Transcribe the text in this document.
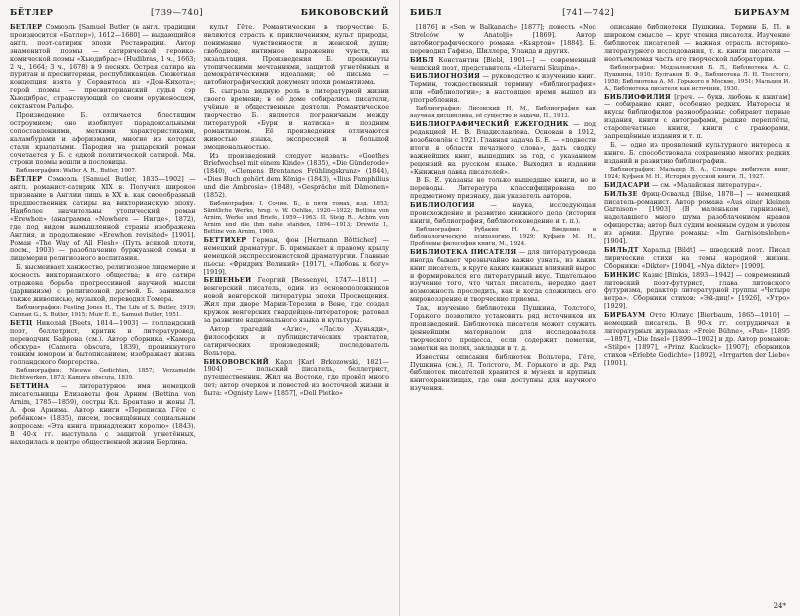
БЁТЛЕР	[739—740]	БИКОВОВСКИЙ

БЁТЛЕР Сэмюэль [Samuel Butler (в англ. традиции произносится «Батлер»), 1612—1680] — выдающийся англ. поэт-сатирик эпохи Реставрации. Автор знаменитой поэмы — сатирической героико-комической поэмы «Хьюдибрас» (Hudibras, 1 ч., 1663; 2 ч., 1664; 3 ч., 1678) в 9 песнях. Острая сатира на пуритан и пресвитериан, республиканцев. Сюжетная концепция взята у Сервантеса из «Дон-Кихота»; герой поэмы — пресвитерианский судья сэр Хьюдибрас, странствующий со своим оруженосцем, сектантом Ральфо.

Произведение Б. отличается блестящим остроумием; оно изобилует парадоксальными сопоставлениями, меткими характеристиками, каламбурами и афоризмами, многие из которых стали крылатыми. Пародия на рыцарский роман сочетается у Б. с едкой политической сатирой. Мн. строки поэмы вошли в пословицы.

Библиография: Waller A. R., Butler, 1907.

БЁТЛЕР Сэмюэль [Samuel Butler, 1835—1902] — англ. романист-сатирик XIX в. Получил широкое признание в Англии лишь в XX в. как своеобразный предшественник сатиры на викторианскую эпоху. Наиболее значительны утопический роман «Erewhon» (анаграмма «Nowhere — Нигде», 1872), где под видом вымышленной страны изображена Англия, и продолжение «Erewhon revisited» [1901]. Роман «The Way of All Flesh» (Путь всякой плоти, посм., 1903) — разоблачение буржуазной семьи и лицемерия религиозного воспитания.

Б. высмеивает ханжество, религиозное лицемерие и косность викторианского общества; в его сатире отражена борьба прогрессивной научной мысли (дарвинизм) с религиозной догмой. Б. занимался также живописью, музыкой, переводил Гомера.

Библиография: Festing Jones H., The Life of S. Butler, 1919; Cannan G., S. Butler, 1915; Muir E. E., Samuel Butler, 1951.

БЕТЦ Николай [Beets, 1814—1903] — голландский поэт, беллетрист, критик и литературовед, переводчик Байрона (см.). Автор сборника «Камера обскура» (Camera obscura, 1839), проникнутого тонким юмором и бытописанием; изображает жизнь голландского бюргерства.

Библиография: Nieuwe Gedichten, 1857; Verzamelde Dichtwerken, 1873; Kamera obscura, 1839.

БЕТТИНА — литературное имя немецкой писательницы Елизаветы фон Арним (Bettina von Arnim, 1785—1859), сестры Кл. Брентано и жены Л. А. фон Арнима. Автор книги «Переписка Гёте с ребёнком» (1835), писем, посвящённых социальным вопросам: «Эта книга принадлежит королю» (1843). В 40-х гг. выступала с защитой угнетённых, находилась в центре общественной жизни Берлина.

культ Гёте. Романтические в творчестве Б. являются страсть к приключениям, культ природы, понимание чувственности и женской души; свободное, интимное выражение чувств, их экзальтация. Произведения Б. проникнуты утопическими мечтаниями, защитой угнетённых и демократическими идеалами; её письма — автобиографический документ эпохи романтизма.

Б. сыграла видную роль в литературной жизни своего времени; в её доме собирались писатели, учёные и общественные деятели. Романтическое творчество Б. является пограничным между литературой «Бури и натиска» и поздним романтизмом. Её произведения отличаются живостью языка, экспрессией и большой эмоциональностью.

Из произведений следует назвать: «Goethes Briefwechsel mit einem Kinde» (1835), «Die Günderode» (1840), «Clemens Brentanos Frühlingskranz» (1844), «Dies Buch gehört dem König» (1843), «Ilius Pamphilius und die Ambrosia» (1848), «Gespräche mit Dämonen» (1852).

Библиография: I. Сочин. Б., в пяти томах, изд. 1853; Sämtliche Werke, hrsg. v. W. Oehlke, 1920—1922; Bettina von Arnim, Werke und Briefe, 1959—1963. II. Steig R., Achim von Arnim und die ihm nahe standen, 1894—1913; Drewitz I., Bettine von Arnim, 1969.

БЕТТИХЕР Герман, фон [Hermann Bötticher] — немецкий драматург. Б. примыкает к правому крылу немецкой экспрессионистской драматургии. Главные пьесы: «Фридрих Великий» [1917], «Любовь к богу» [1919].

БЕШЕНЬЕИ Георгий [Bessenyei, 1747—1811] — венгерский писатель, один из основоположников новой венгерской литературы эпохи Просвещения. Жил при дворе Марии-Терезии в Вене, где создал кружок венгерских гвардейцев-литераторов; ратовал за развитие национального языка и культуры.

Автор трагедий «Агис», «Ласло Хуньяди», философских и публицистических трактатов, сатирических произведений; последователь Вольтера.

БИКОВОВСКИЙ Карл [Karl Brkozowski, 1821—1904] — польский писатель, беллетрист, путешественник. Жил на Востоке, где провёл много лет; автор очерков и повестей из восточной жизни и быта: «Ognisty Lew» [1857], «Dell Pietko»

БИБЛ	[741—742]	БИРБАУМ

[1876] и «Sen w Balkanach» [1877]; повесть «Noc Strelców w Anatolji» [1869]. Автор автобиографического романа «Кьяртон» [1884]. Б. переводил Гафиза, Шиллера, Уланда и других.

БИБЛ Константин [Biebl, 1901—] — современный чешский поэт, представитель «Literarni Skupina».

БИБЛИОГНОЗИЯ — руководство к изучению книг. Термин, тождественный термину «библиография» или «библиологии»; в настоящее время вышел из употребления.

Библиография: Лисовский Н. М., Библиография как научная дисциплина, её существо и задачи, П., 1913.

БИБЛИОГРАФИЧЕСКИЙ ЕЖЕГОДНИК — под редакцией И. В. Владиславлева. Основан в 1912, возобновлён с 1921. Главная задача Б. Е. — «подвести итоги в области печатного слова», дать сводку важнейших книг, вышедших за год, с указанием рецензий на русском языке. Выходил в издании «Книжная лавка писателей».

В Б. Е. указаны не только вышедшие книги, но и переводы. Литература классифицирована по предметному признаку, дан указатель авторов.

БИБЛИОЛОГИЯ — наука, исследующая происхождение и развитие книжного дела (история книги, библиография, библиотековедение и т. п.).

Библиография: Рубакин Н. А., Введение в библиологическую психологию, 1929; Куфаев М. Н., Проблемы философии книги, М., 1924.

БИБЛИОТЕКА ПИСАТЕЛЯ — для литературоведа иногда бывает чрезвычайно важно узнать, из каких книг писатель, в круге каких книжных влияний вырос и формировался его литературный вкус. Тщательное изучение того, что читал писатель, нередко дает возможность проследить, как и когда сложились его мировоззрение и творческие приемы.

Так, изучение библиотеки Пушкина, Толстого, Горького позволило установить ряд источников их произведений. Библиотека писателя может служить ценнейшим материалом для исследователя творческого процесса, если содержит пометки, заметки на полях, закладки и т. д.

Известны описания библиотек Вольтера, Гёте, Пушкина (см.), Л. Толстого, М. Горького и др. Ряд библиотек писателей хранится в музеях и крупных книгохранилищах, где они доступны для научного изучения.

описание библиотеки Пушкина. Термин Б. П. в широком смысле — круг чтения писателя. Изучение библиотек писателей — важная отрасль историко-литературного исследования, т. к. книги писателя — неотъемлемая часть его творческой лаборатории.

Библиография: Модзалевский Б. Л., Библиотека А. С. Пушкина, 1910; Булгаков В. Ф., Библиотека Л. Н. Толстого, 1958; Библиотека А. М. Горького в Москве, 1951; Мальцев И. А., Библиотека писателя как источник, 1930.

БИБЛИОФИЛИЯ [греч. — букв. любовь к книгам] — собирание книг, особенно редких. Интересы и вкусы библиофилов разнообразны: собирают первые издания, книги с автографами, редкие переплёты, старопечатные книги, книги с гравюрами, запрещённые издания и т. п.

Б. — одно из проявлений культурного интереса к книге. Б. способствовала сохранению многих редких изданий и развитию библиографии.

Библиография: Мальцер В. А., Словарь любителя книг, 1924; Куфаев М. Н., История русской книги, Л., 1927.

БИДАСАРИ — см. «Малайская литература».

БИЛЬЗЕ Фриц-Освальд [Bilse, 1878—] — немецкий писатель-романист. Автор романа «Aus einer kleinen Garnison» [1903] (В маленьком гарнизоне), наделавшего много шума разоблачением нравов офицерства; автор был судим военным судом и уволен из армии. Другие романы: «Im Garnisonsleben» [1904].

БИЛЬДТ Харальд [Bildt] — шведский поэт. Писал лирические стихи на темы народной жизни. Сборники: «Dikter» [1904], «Nya dikter» [1909].

БИНКИС Казис [Binkis, 1893—1942] — современный литовский поэт-футурист, глава литовского футуризма, редактор литературной группы «Четыре ветра». Сборники стихов: «Эй-диц!» [1926], «Утро» [1929].

БИРБАУМ Отто Юлиус [Bierbaum, 1865—1910] — немецкий писатель. В 90-х гг. сотрудничал в литературных журналах: «Freie Bühne», «Pan» [1895—1897], «Die Insel» [1899—1902] и др. Автор романов: «Stilpe» [1897], «Prinz Kuckuck» [1907]; сборников стихов «Erlebte Gedichte» [1892], «Irrgarten der Liebe» [1901].

24*
